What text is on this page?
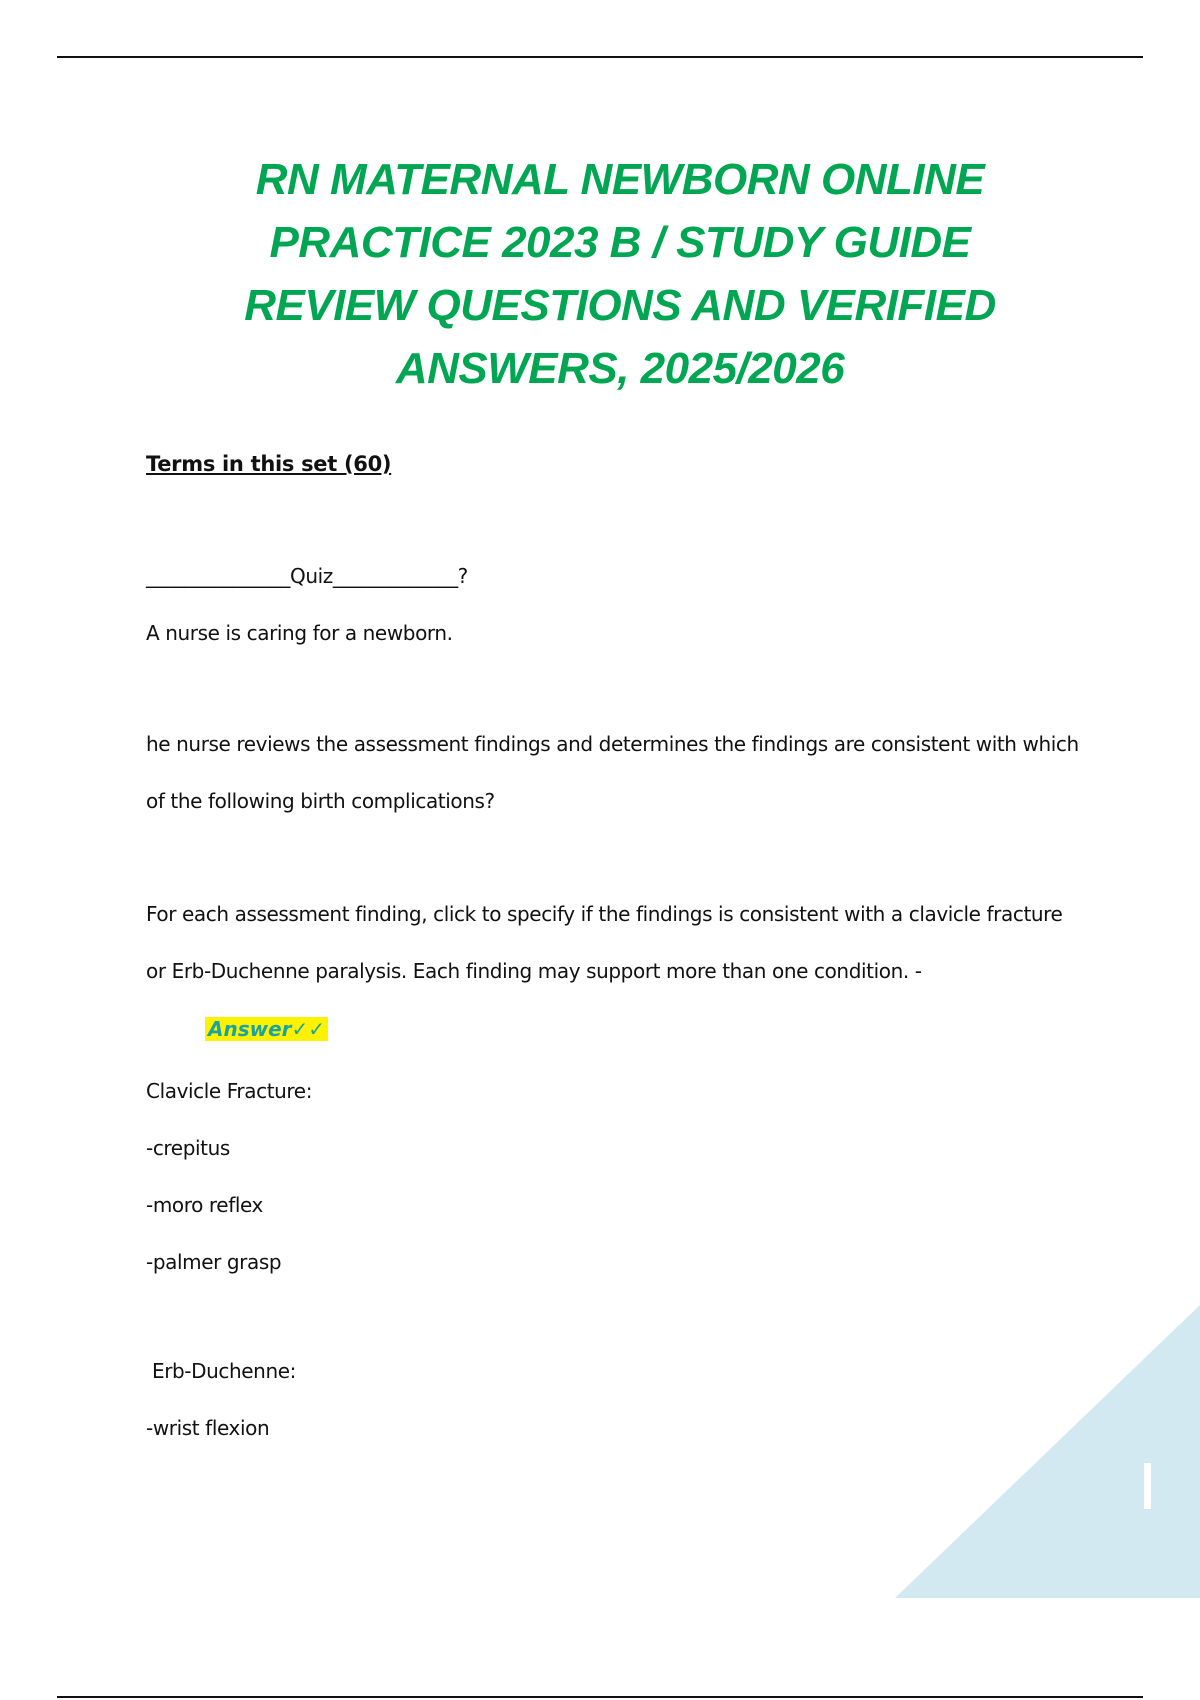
RN MATERNAL NEWBORN ONLINE
PRACTICE 2023 B / STUDY GUIDE
REVIEW QUESTIONS AND VERIFIED
ANSWERS, 2025/2026
Terms in this set (60)
_______________Quiz_____________?
A nurse is caring for a newborn.
he nurse reviews the assessment findings and determines the findings are consistent with which
of the following birth complications?
For each assessment finding, click to specify if the findings is consistent with a clavicle fracture
or Erb-Duchenne paralysis. Each finding may support more than one condition. -
Answer✓✓
Clavicle Fracture:
-crepitus
-moro reflex
-palmer grasp
Erb-Duchenne:
-wrist flexion
